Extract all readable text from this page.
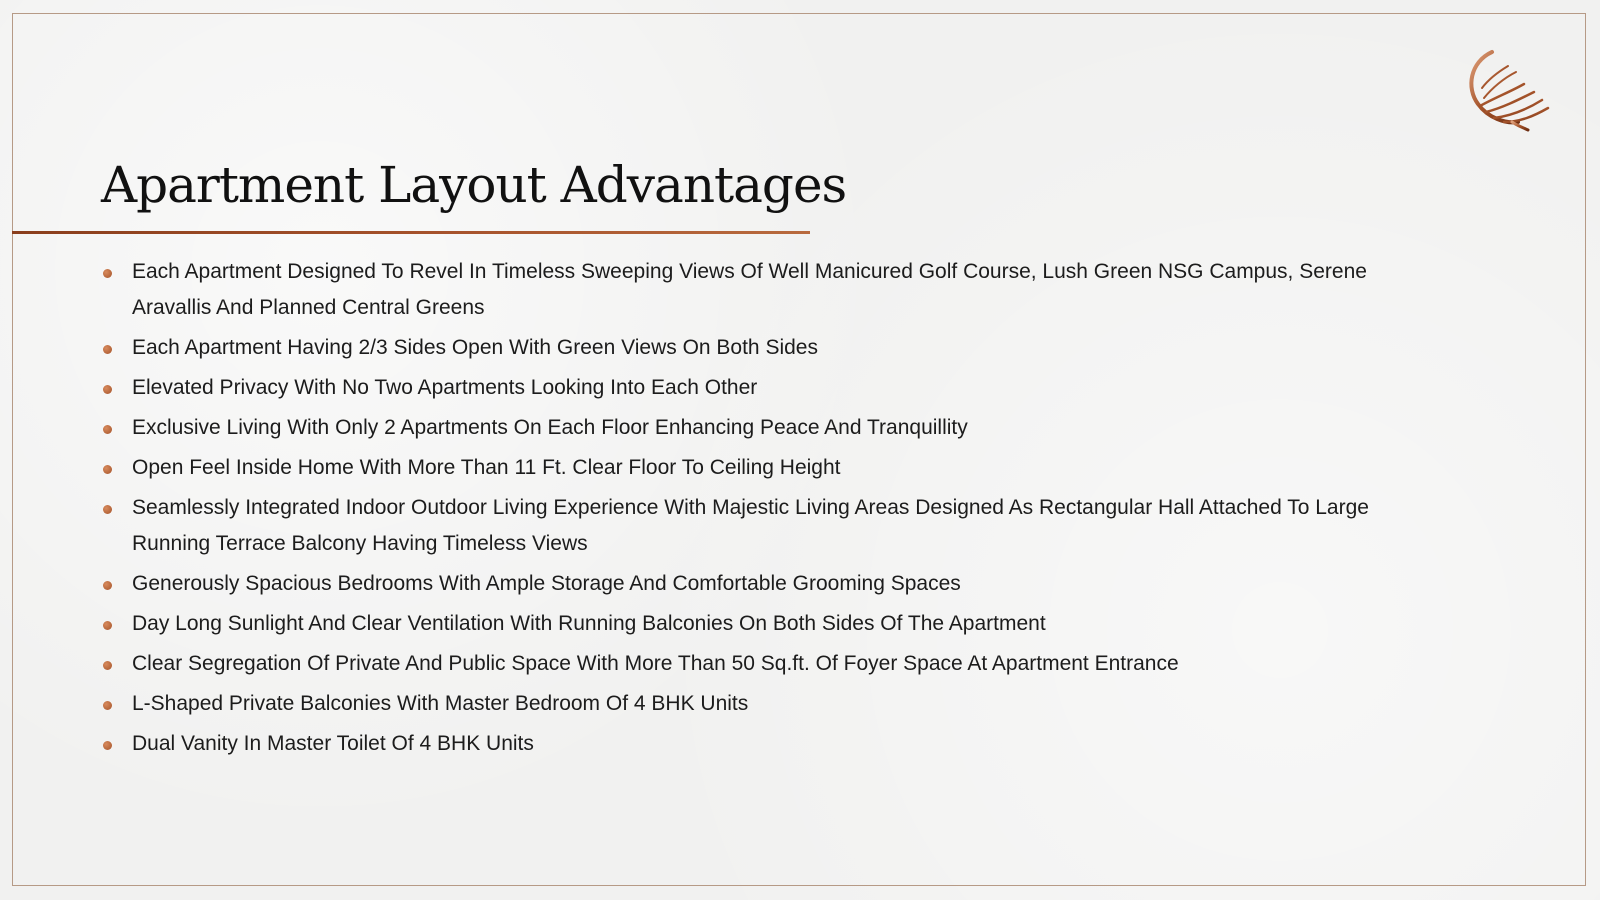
Apartment Layout Advantages
Each Apartment Designed To Revel In Timeless Sweeping Views Of Well Manicured Golf Course, Lush Green NSG Campus, Serene Aravallis And Planned Central Greens
Each Apartment Having 2/3 Sides Open With Green Views On Both Sides
Elevated Privacy With No Two Apartments Looking Into Each Other
Exclusive Living With Only 2 Apartments On Each Floor Enhancing Peace And Tranquillity
Open Feel Inside Home With More Than 11 Ft. Clear Floor To Ceiling Height
Seamlessly Integrated Indoor Outdoor Living Experience With Majestic Living Areas Designed As Rectangular Hall Attached To Large Running Terrace Balcony Having Timeless Views
Generously Spacious Bedrooms With Ample Storage And Comfortable Grooming Spaces
Day Long Sunlight And Clear Ventilation With Running Balconies On Both Sides Of The Apartment
Clear Segregation Of Private And Public Space With More Than 50 Sq.ft. Of Foyer Space At Apartment Entrance
L-Shaped Private Balconies With Master Bedroom Of 4 BHK Units
Dual Vanity In Master Toilet Of 4 BHK Units
